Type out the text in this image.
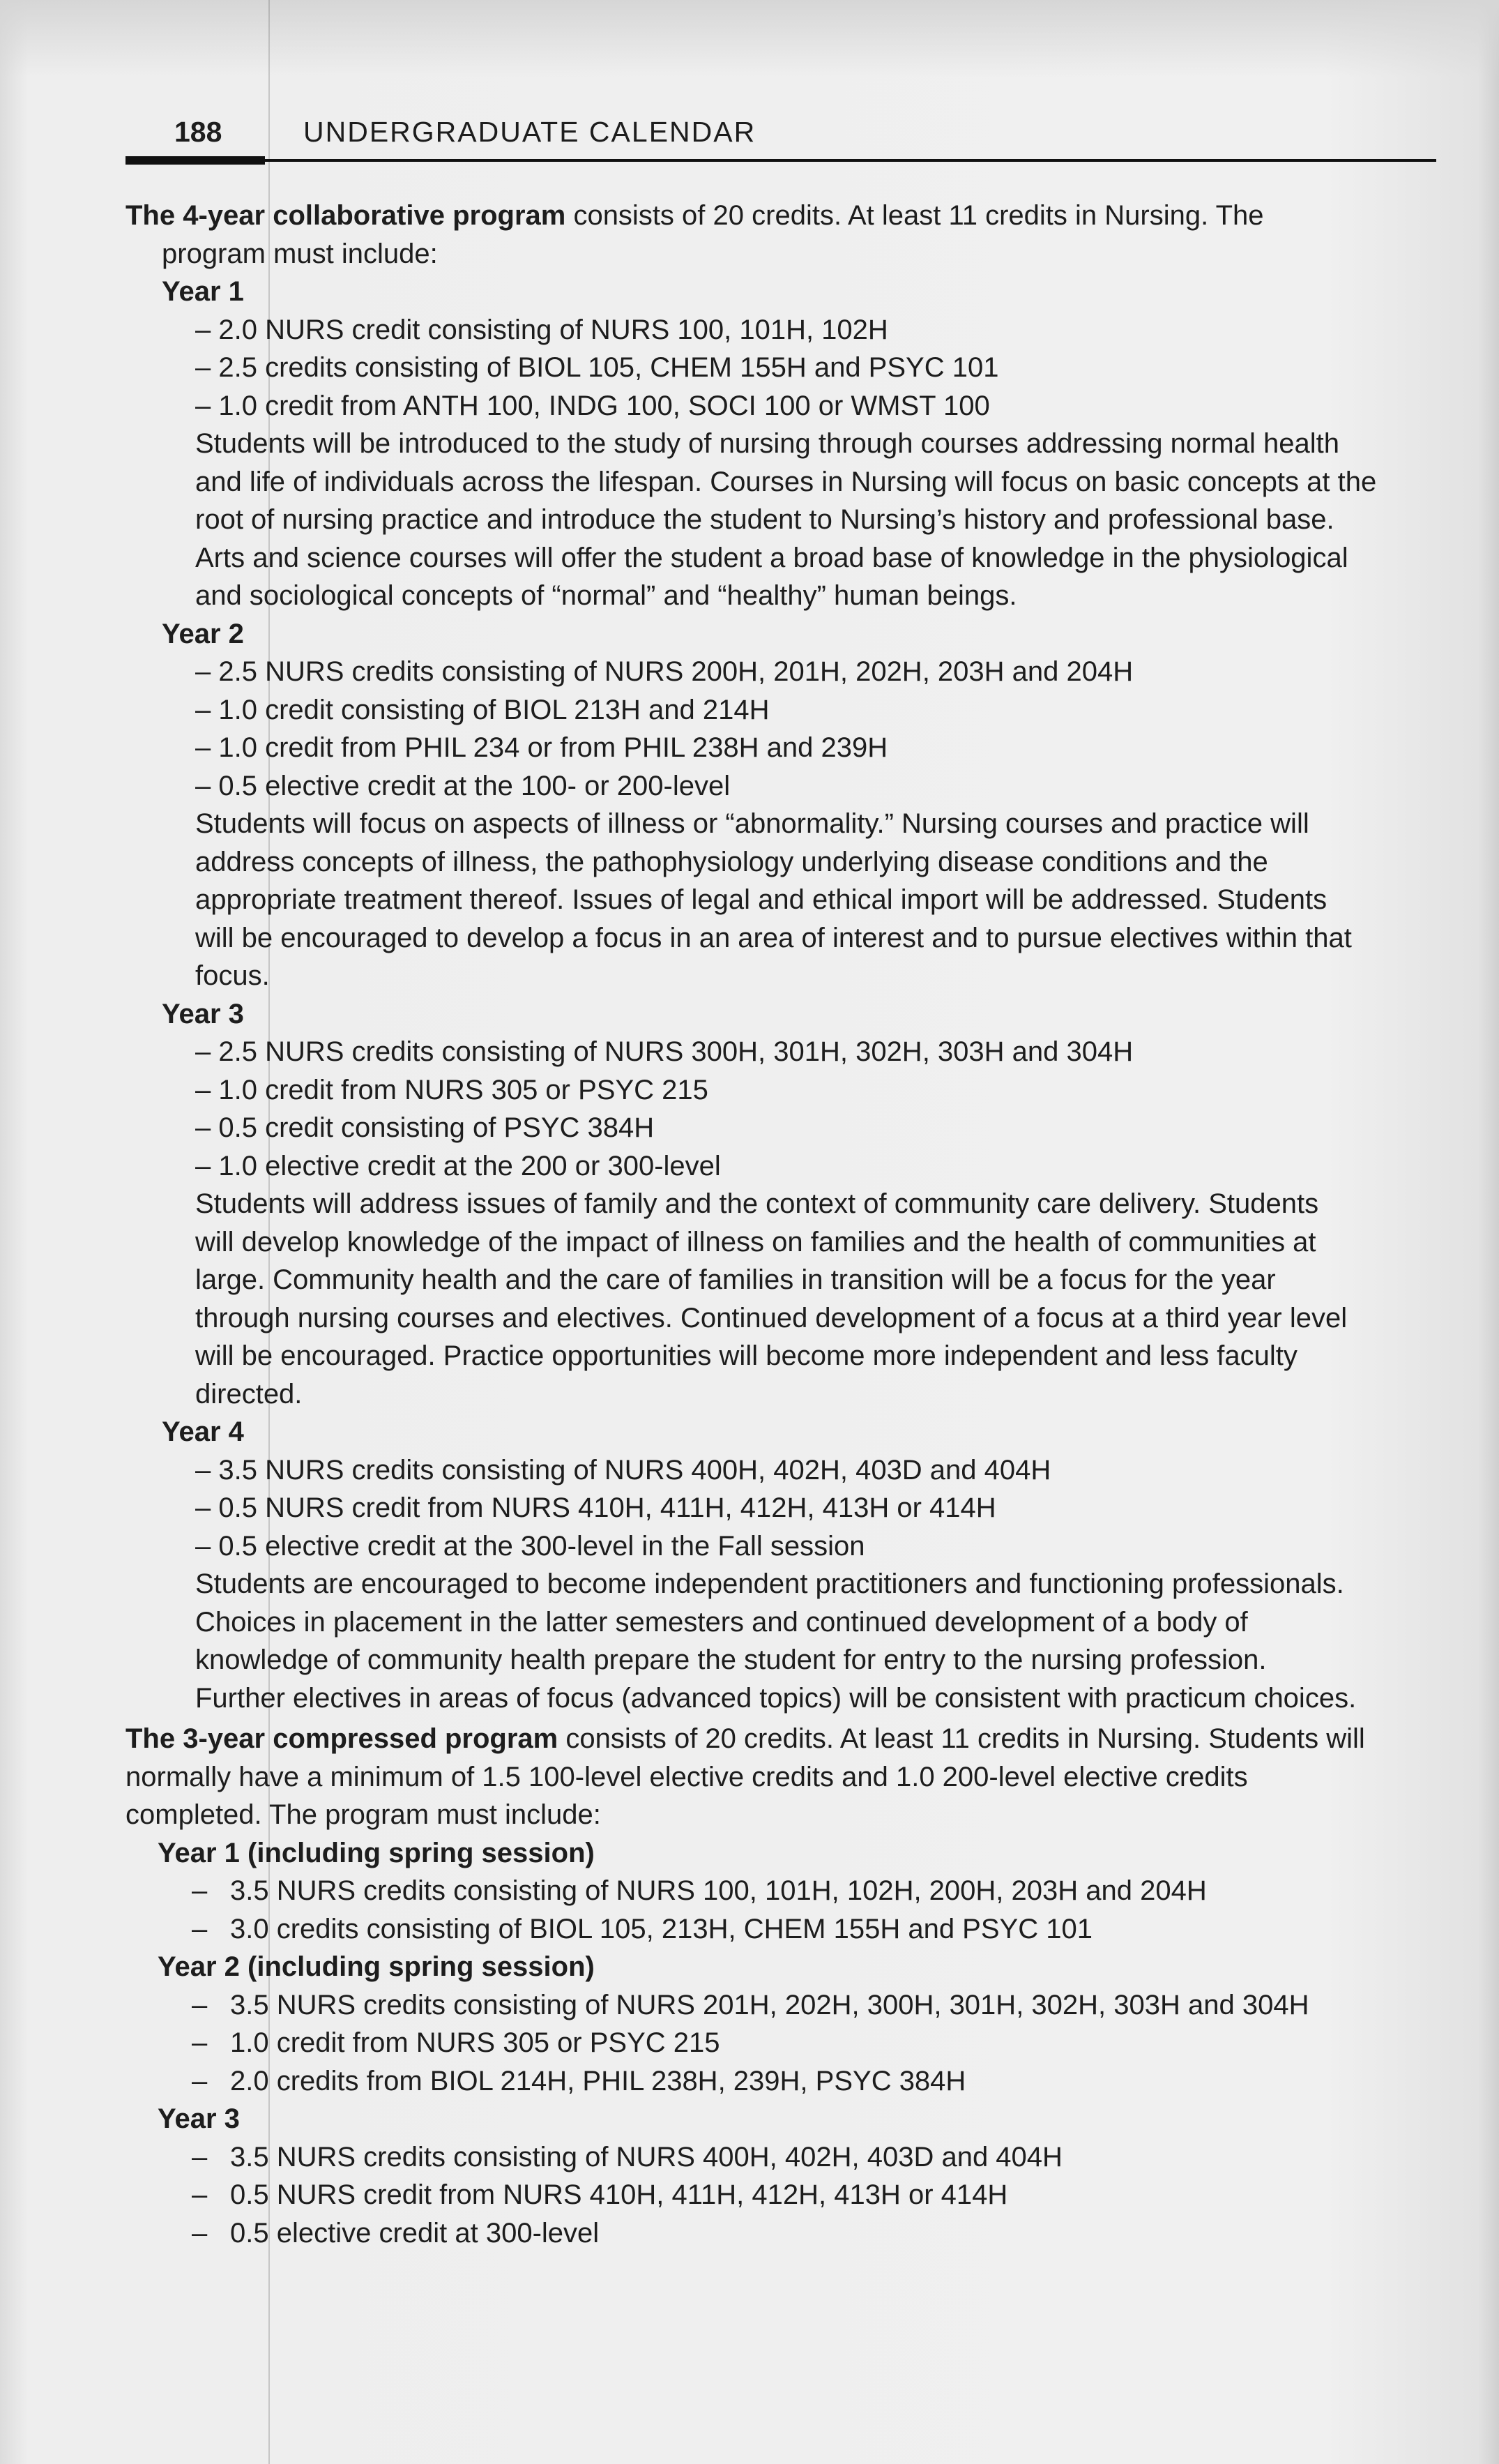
188	UNDERGRADUATE CALENDAR
The 4-year collaborative program consists of 20 credits. At least 11 credits in Nursing. The
program must include:
Year 1
– 2.0 NURS credit consisting of NURS 100, 101H, 102H
– 2.5 credits consisting of BIOL 105, CHEM 155H and PSYC 101
– 1.0 credit from ANTH 100, INDG 100, SOCI 100 or WMST 100
Students will be introduced to the study of nursing through courses addressing normal health
and life of individuals across the lifespan. Courses in Nursing will focus on basic concepts at the
root of nursing practice and introduce the student to Nursing’s history and professional base.
Arts and science courses will offer the student a broad base of knowledge in the physiological
and sociological concepts of “normal” and “healthy” human beings.
Year 2
– 2.5 NURS credits consisting of NURS 200H, 201H, 202H, 203H and 204H
– 1.0 credit consisting of BIOL 213H and 214H
– 1.0 credit from PHIL 234 or from PHIL 238H and 239H
– 0.5 elective credit at the 100- or 200-level
Students will focus on aspects of illness or “abnormality.” Nursing courses and practice will
address concepts of illness, the pathophysiology underlying disease conditions and the
appropriate treatment thereof. Issues of legal and ethical import will be addressed. Students
will be encouraged to develop a focus in an area of interest and to pursue electives within that
focus.
Year 3
– 2.5 NURS credits consisting of NURS 300H, 301H, 302H, 303H and 304H
– 1.0 credit from NURS 305 or PSYC 215
– 0.5 credit consisting of PSYC 384H
– 1.0 elective credit at the 200 or 300-level
Students will address issues of family and the context of community care delivery. Students
will develop knowledge of the impact of illness on families and the health of communities at
large. Community health and the care of families in transition will be a focus for the year
through nursing courses and electives. Continued development of a focus at a third year level
will be encouraged. Practice opportunities will become more independent and less faculty
directed.
Year 4
– 3.5 NURS credits consisting of NURS 400H, 402H, 403D and 404H
– 0.5 NURS credit from NURS 410H, 411H, 412H, 413H or 414H
– 0.5 elective credit at the 300-level in the Fall session
Students are encouraged to become independent practitioners and functioning professionals.
Choices in placement in the latter semesters and continued development of a body of
knowledge of community health prepare the student for entry to the nursing profession.
Further electives in areas of focus (advanced topics) will be consistent with practicum choices.
The 3-year compressed program consists of 20 credits. At least 11 credits in Nursing. Students will
normally have a minimum of 1.5 100-level elective credits and 1.0 200-level elective credits
completed. The program must include:
Year 1 (including spring session)
– 3.5 NURS credits consisting of NURS 100, 101H, 102H, 200H, 203H and 204H
– 3.0 credits consisting of BIOL 105, 213H, CHEM 155H and PSYC 101
Year 2 (including spring session)
– 3.5 NURS credits consisting of NURS 201H, 202H, 300H, 301H, 302H, 303H and 304H
– 1.0 credit from NURS 305 or PSYC 215
– 2.0 credits from BIOL 214H, PHIL 238H, 239H, PSYC 384H
Year 3
– 3.5 NURS credits consisting of NURS 400H, 402H, 403D and 404H
– 0.5 NURS credit from NURS 410H, 411H, 412H, 413H or 414H
– 0.5 elective credit at 300-level
